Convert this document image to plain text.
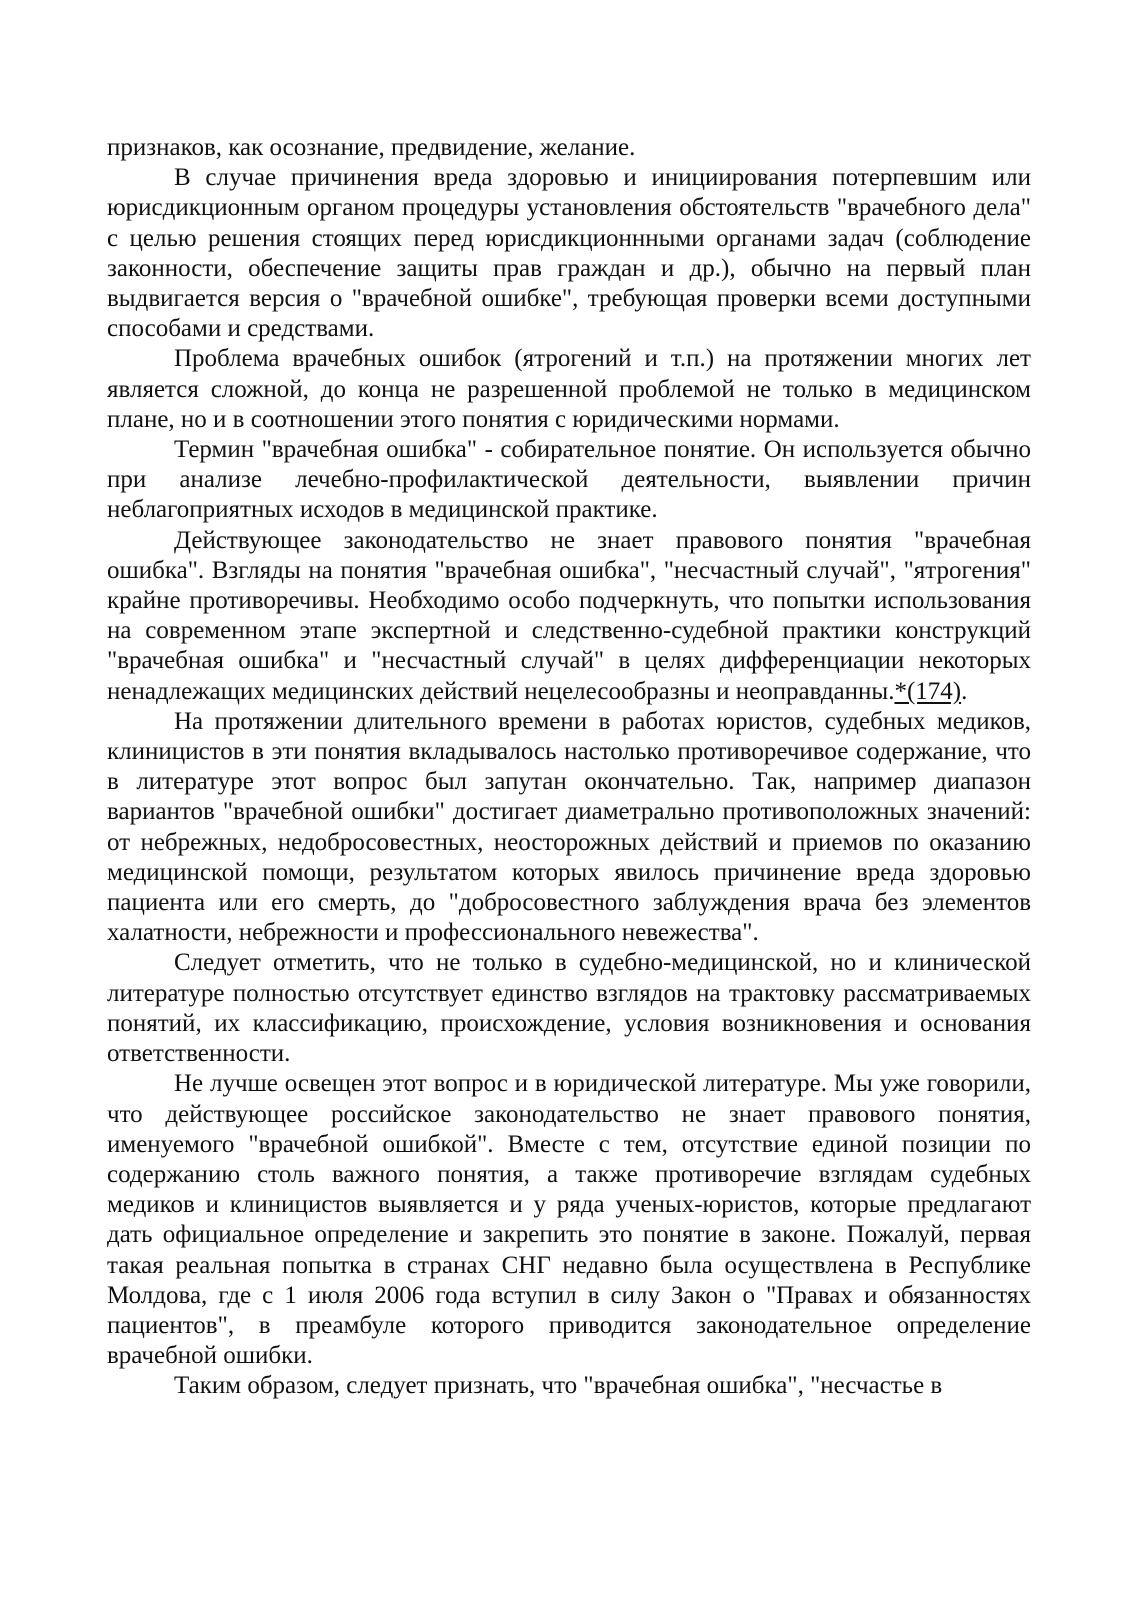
признаков, как осознание, предвидение, желание.

В случае причинения вреда здоровью и инициирования потерпевшим или юрисдикционным органом процедуры установления обстоятельств "врачебного дела" с целью решения стоящих перед юрисдикционнными органами задач (соблюдение законности, обеспечение защиты прав граждан и др.), обычно на первый план выдвигается версия о "врачебной ошибке", требующая проверки всеми доступными способами и средствами.

Проблема врачебных ошибок (ятрогений и т.п.) на протяжении многих лет является сложной, до конца не разрешенной проблемой не только в медицинском плане, но и в соотношении этого понятия с юридическими нормами.

Термин "врачебная ошибка" - собирательное понятие. Он используется обычно при анализе лечебно-профилактической деятельности, выявлении причин неблагоприятных исходов в медицинской практике.

Действующее законодательство не знает правового понятия "врачебная ошибка". Взгляды на понятия "врачебная ошибка", "несчастный случай", "ятрогения" крайне противоречивы. Необходимо особо подчеркнуть, что попытки использования на современном этапе экспертной и следственно-судебной практики конструкций "врачебная ошибка" и "несчастный случай" в целях дифференциации некоторых ненадлежащих медицинских действий нецелесообразны и неоправданны.*(174).

На протяжении длительного времени в работах юристов, судебных медиков, клиницистов в эти понятия вкладывалось настолько противоречивое содержание, что в литературе этот вопрос был запутан окончательно. Так, например диапазон вариантов "врачебной ошибки" достигает диаметрально противоположных значений: от небрежных, недобросовестных, неосторожных действий и приемов по оказанию медицинской помощи, результатом которых явилось причинение вреда здоровью пациента или его смерть, до "добросовестного заблуждения врача без элементов халатности, небрежности и профессионального невежества".

Следует отметить, что не только в судебно-медицинской, но и клинической литературе полностью отсутствует единство взглядов на трактовку рассматриваемых понятий, их классификацию, происхождение, условия возникновения и основания ответственности.

Не лучше освещен этот вопрос и в юридической литературе. Мы уже говорили, что действующее российское законодательство не знает правового понятия, именуемого "врачебной ошибкой". Вместе с тем, отсутствие единой позиции по содержанию столь важного понятия, а также противоречие взглядам судебных медиков и клиницистов выявляется и у ряда ученых-юристов, которые предлагают дать официальное определение и закрепить это понятие в законе. Пожалуй, первая такая реальная попытка в странах СНГ недавно была осуществлена в Республике Молдова, где с 1 июля 2006 года вступил в силу Закон о "Правах и обязанностях пациентов", в преамбуле которого приводится законодательное определение врачебной ошибки.

Таким образом, следует признать, что "врачебная ошибка", "несчастье в
